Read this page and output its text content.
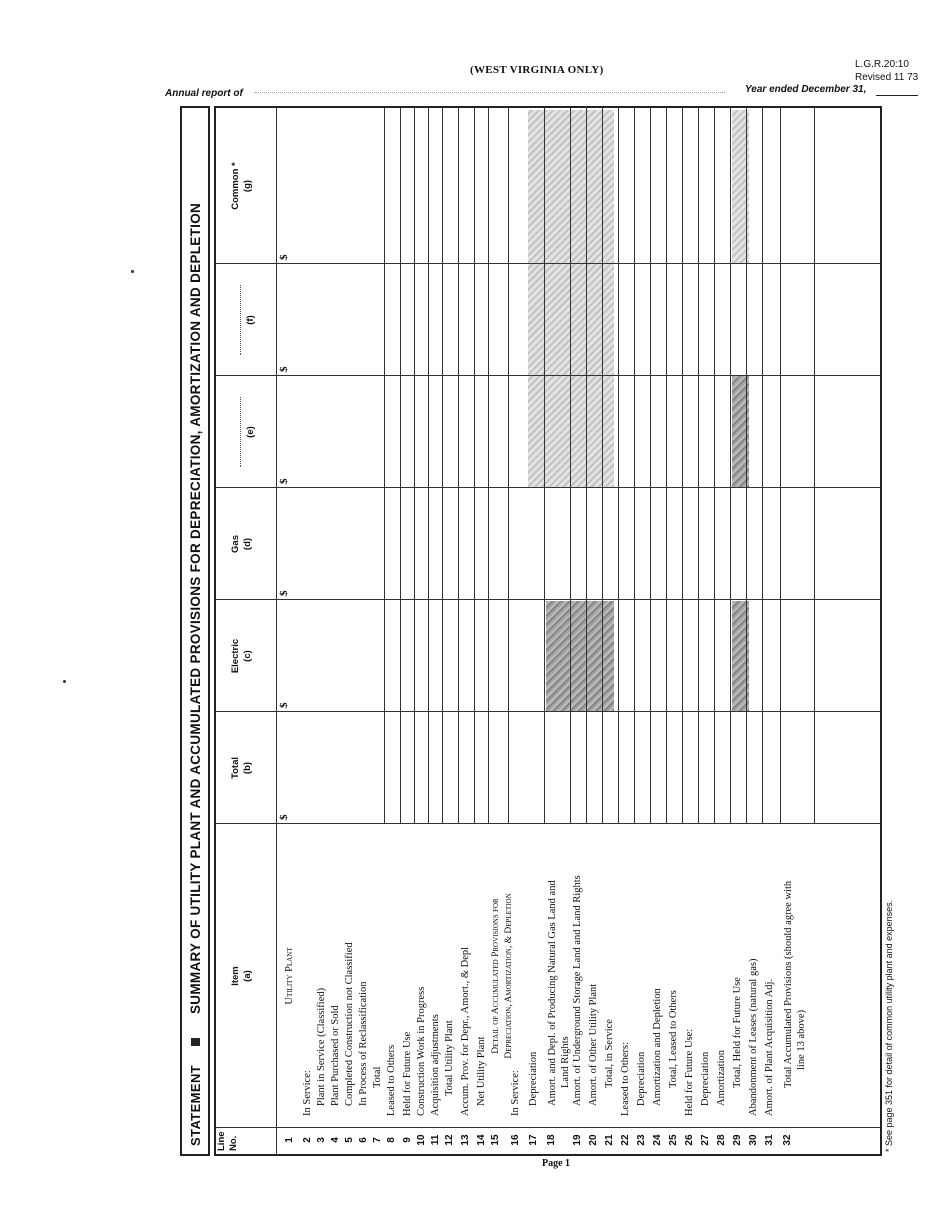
L.G.R.20:10
Revised 11 73
(WEST VIRGINIA ONLY)
Annual report of	Year ended December 31,
Page 1
STATEMENT
SUMMARY OF UTILITY PLANT AND ACCUMULATED PROVISIONS FOR DEPRECIATION, AMORTIZATION AND DEPLETION
Line No.
Item (a)
Total (b)
Electric (c)
Gas (d)
(e)
(f)
Common * (g)
$
$
$
$
$
$
1
Utility Plant
2
In Service:
3
Plant in Service (Classified)
4
Plant Purchased or Sold
5
Completed Construction not Classified
6
In Process of Reclassification
7
Total
8
Leased to Others
9
Held for Future Use
10
Construction Work in Progress
11
Acquisition adjustments
12
Total Utility Plant
13
Accum. Prov. for Depr., Amort., & Depl
14
Net Utility Plant
15
Detail of Accumulated Provisions for Depreciation, Amortization, & Depletion
16
In Service:
17
Depreciation
18
Amort. and Depl. of Producing Natural Gas Land and Land Rights
19
Amort. of Underground Storage Land and Land Rights
20
Amort. of Other Utility Plant
21
Total, in Service
22
Leased to Others:
23
Depreciation
24
Amortization and Depletion
25
Total, Leased to Others
26
Held for Future Use:
27
Depreciation
28
Amortization
29
Total, Held for Future Use
30
Abandonment of Leases (natural gas)
31
Amort. of Plant Acquisition Adj.
32
Total Accumulated Provisions (should agree with line 13 above)	* See page 351 for detail of common utility plant and expenses.
